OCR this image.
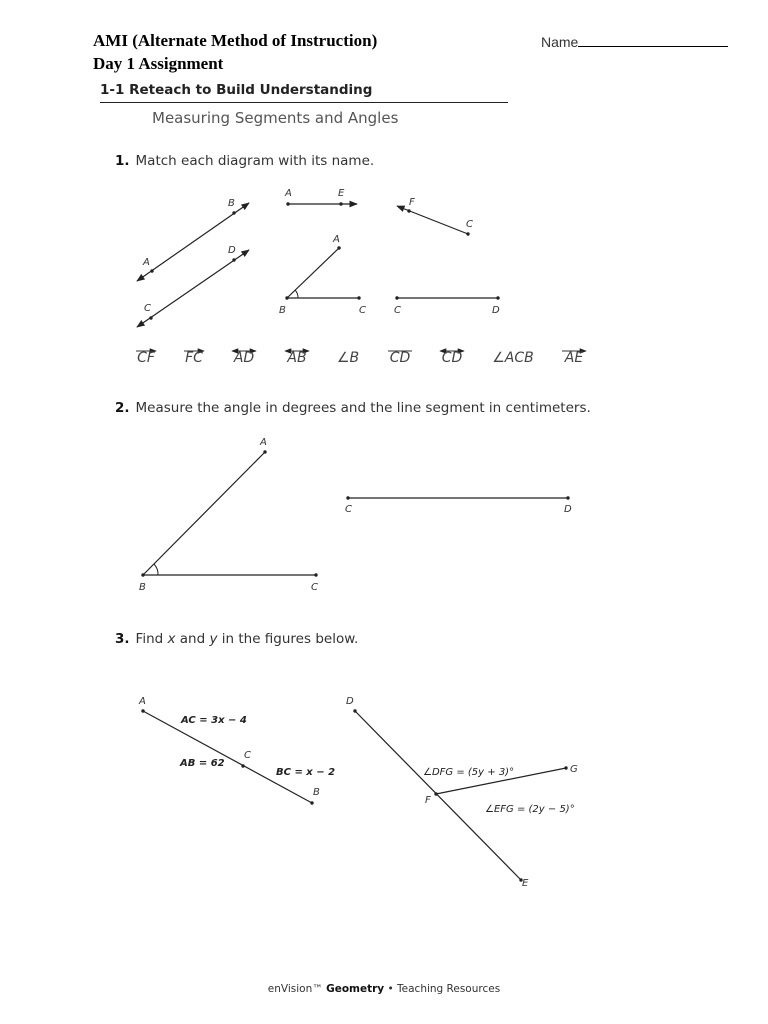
AMI (Alternate Method of Instruction)
Day 1 Assignment
Name
1-1 Reteach to Build Understanding
Measuring Segments and Angles
1. Match each diagram with its name.
B
A
D
C
A	E
F
C
A
B	C	C	D
A
B	C
C	D
A
C
B
AC = 3x − 4
AB = 62
BC = x − 2
D
F
G
E
∠DFG = (5y + 3)°
∠EFG = (2y − 5)°
CF FC AD AB ∠B CD CD ∠ACB AE
2. Measure the angle in degrees and the line segment in centimeters.
3. Find x and y in the figures below.
enVision™ Geometry • Teaching Resources
